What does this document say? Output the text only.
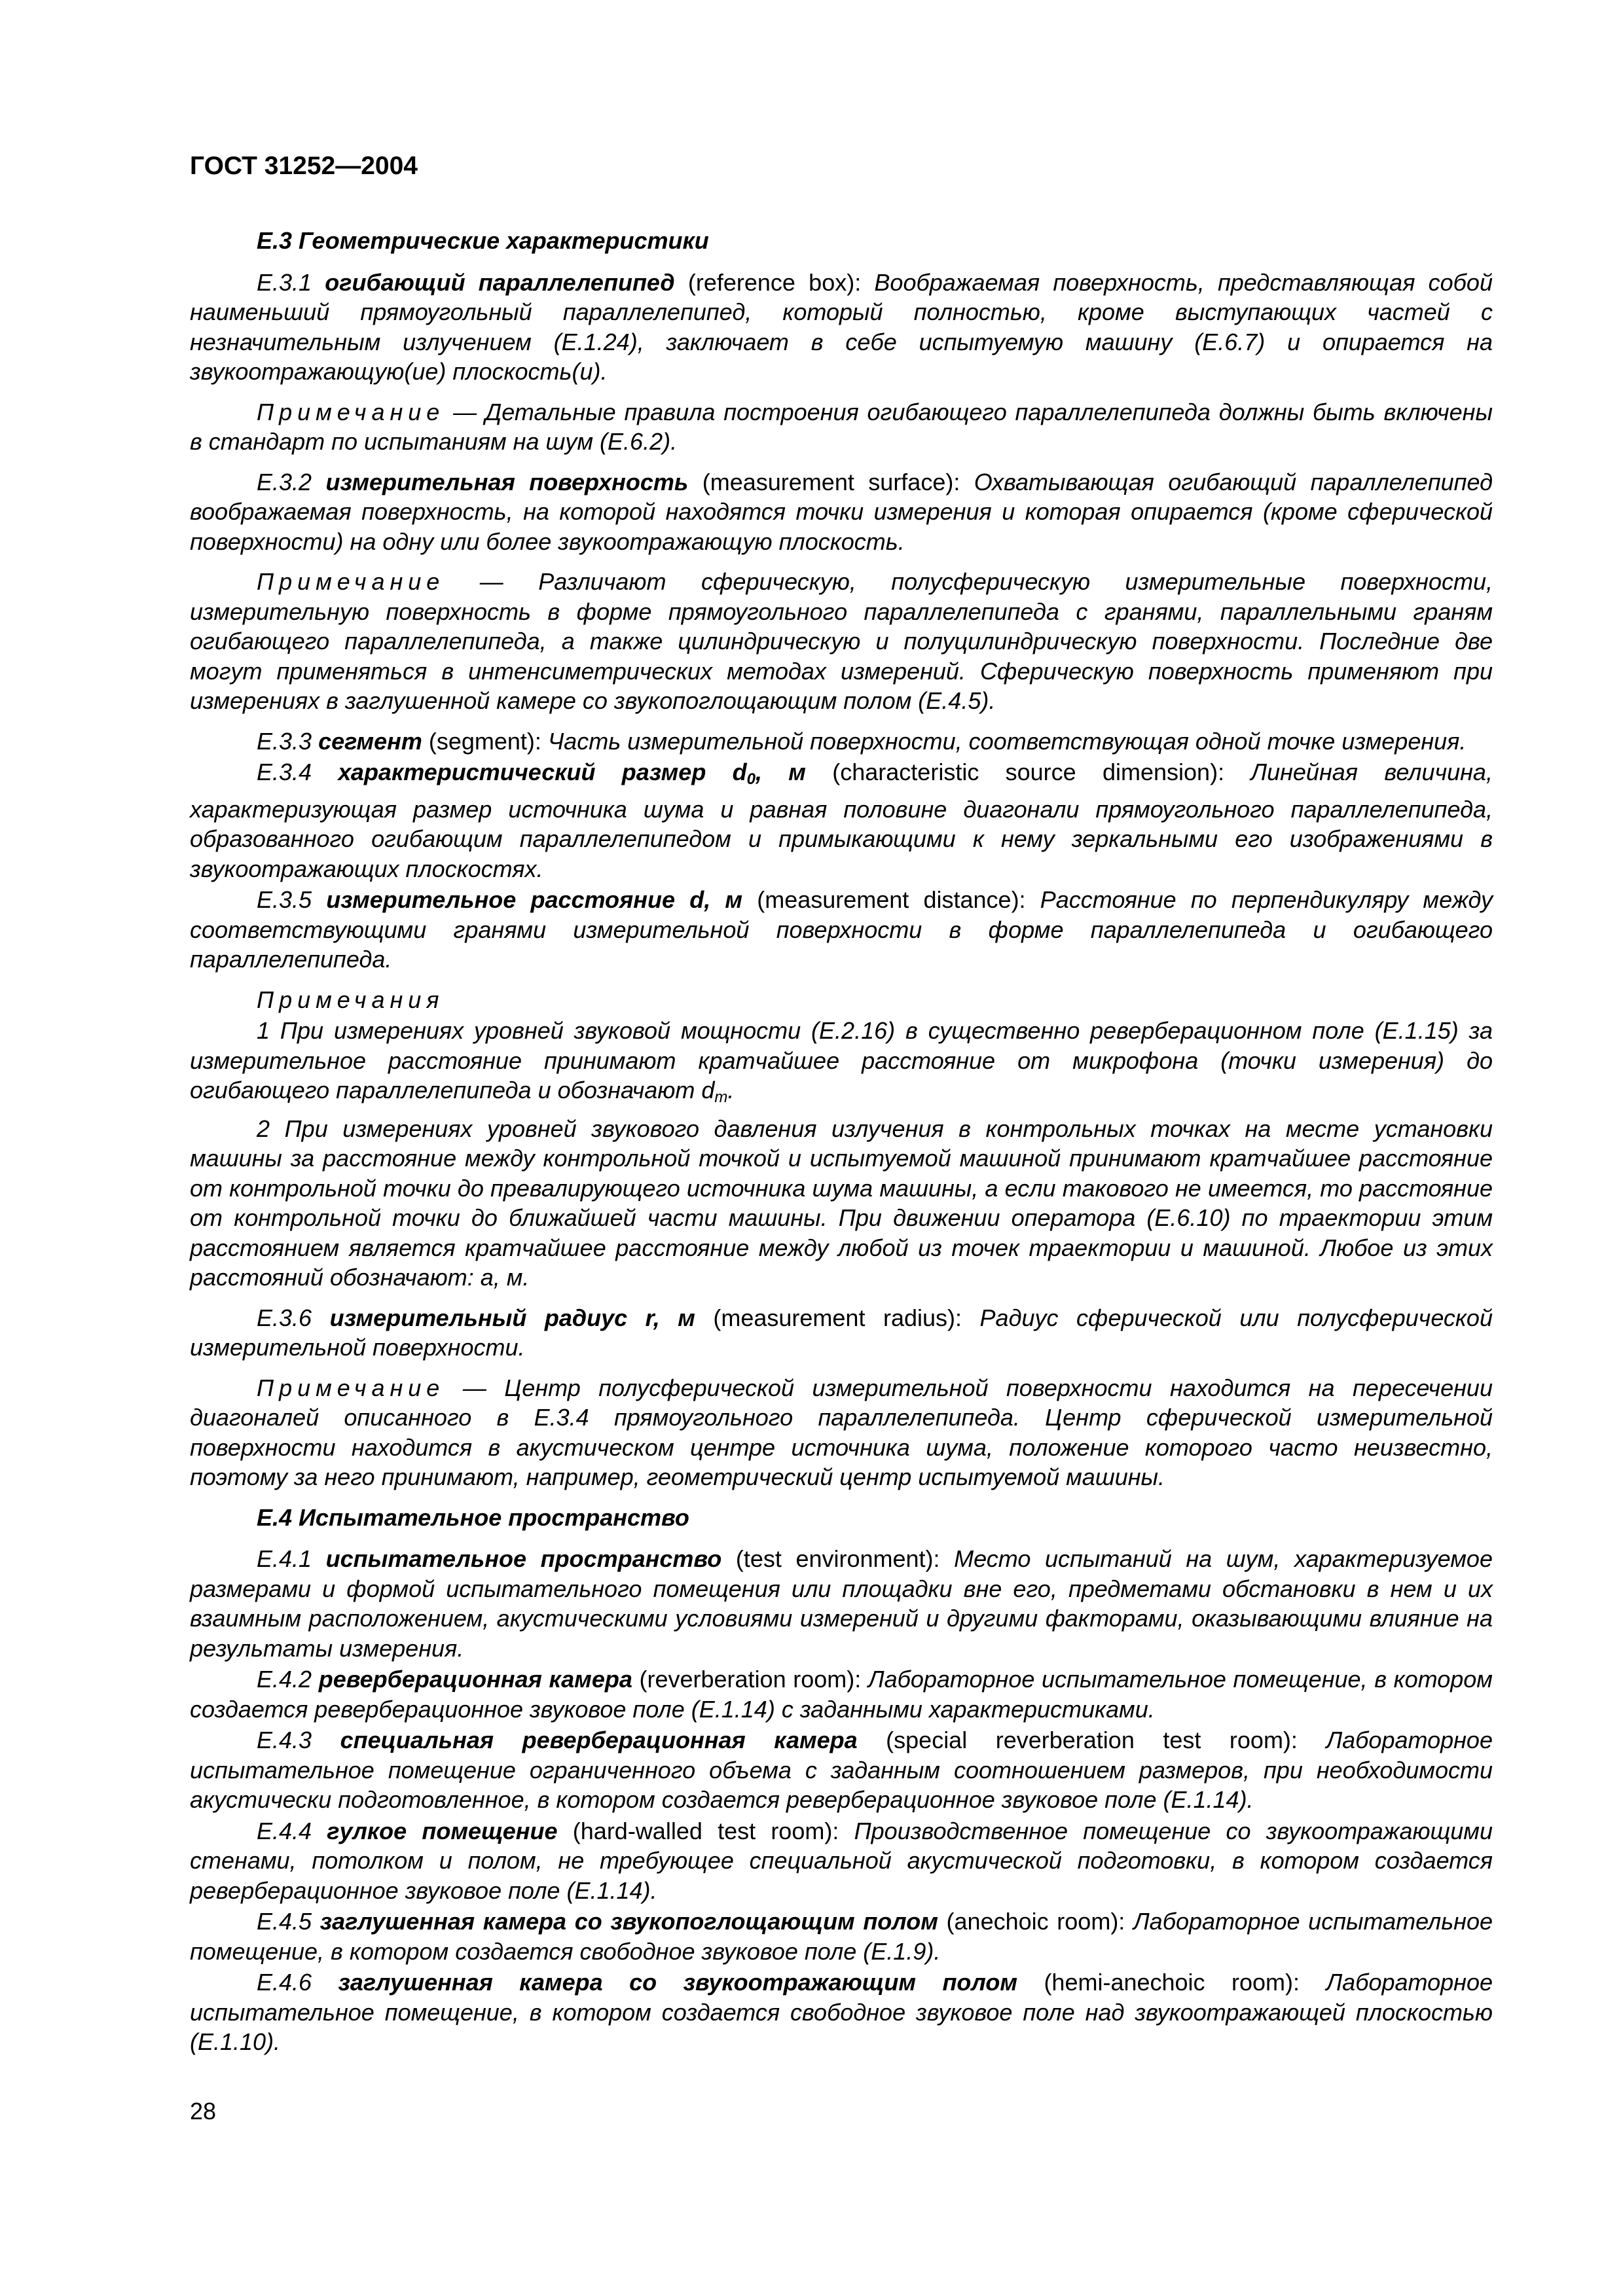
ГОСТ 31252—2004
Е.3 Геометрические характеристики

Е.3.1 огибающий параллелепипед (reference box): Воображаемая поверхность, представляющая собой наименьший прямоугольный параллелепипед, который полностью, кроме выступающих частей с незначительным излучением (Е.1.24), заключает в себе испытуемую машину (Е.6.7) и опирается на звукоотражающую(ие) плоскость(и).

Примечание — Детальные правила построения огибающего параллелепипеда должны быть включены в стандарт по испытаниям на шум (Е.6.2).

Е.3.2 измерительная поверхность (measurement surface): Охватывающая огибающий параллелепипед воображаемая поверхность, на которой находятся точки измерения и которая опирается (кроме сферической поверхности) на одну или более звукоотражающую плоскость.

Примечание — Различают сферическую, полусферическую измерительные поверхности, измерительную поверхность в форме прямоугольного параллелепипеда с гранями, параллельными граням огибающего параллелепипеда, а также цилиндрическую и полуцилиндрическую поверхности. Последние две могут применяться в интенсиметрических методах измерений. Сферическую поверхность применяют при измерениях в заглушенной камере со звукопоглощающим полом (Е.4.5).

Е.3.3 сегмент (segment): Часть измерительной поверхности, соответствующая одной точке измерения.

Е.3.4 характеристический размер $d_0$, м (characteristic source dimension): Линейная величина, характеризующая размер источника шума и равная половине диагонали прямоугольного параллелепипеда, образованного огибающим параллелепипедом и примыкающими к нему зеркальными его изображениями в звукоотражающих плоскостях.

Е.3.5 измерительное расстояние d, м (measurement distance): Расстояние по перпендикуляру между соответствующими гранями измерительной поверхности в форме параллелепипеда и огибающего параллелепипеда.

Примечания

1 При измерениях уровней звуковой мощности (Е.2.16) в существенно реверберационном поле (Е.1.15) за измерительное расстояние принимают кратчайшее расстояние от микрофона (точки измерения) до огибающего параллелепипеда и обозначают $d_m$.

2 При измерениях уровней звукового давления излучения в контрольных точках на месте установки машины за расстояние между контрольной точкой и испытуемой машиной принимают кратчайшее расстояние от контрольной точки до превалирующего источника шума машины, а если такового не имеется, то расстояние от контрольной точки до ближайшей части машины. При движении оператора (Е.6.10) по траектории этим расстоянием является кратчайшее расстояние между любой из точек траектории и машиной. Любое из этих расстояний обозначают: а, м.

Е.3.6 измерительный радиус r, м (measurement radius): Радиус сферической или полусферической измерительной поверхности.

Примечание — Центр полусферической измерительной поверхности находится на пересечении диагоналей описанного в Е.3.4 прямоугольного параллелепипеда. Центр сферической измерительной поверхности находится в акустическом центре источника шума, положение которого часто неизвестно, поэтому за него принимают, например, геометрический центр испытуемой машины.

Е.4 Испытательное пространство

Е.4.1 испытательное пространство (test environment): Место испытаний на шум, характеризуемое размерами и формой испытательного помещения или площадки вне его, предметами обстановки в нем и их взаимным расположением, акустическими условиями измерений и другими факторами, оказывающими влияние на результаты измерения.

Е.4.2 реверберационная камера (reverberation room): Лабораторное испытательное помещение, в котором создается реверберационное звуковое поле (Е.1.14) с заданными характеристиками.

Е.4.3 специальная реверберационная камера (special reverberation test room): Лабораторное испытательное помещение ограниченного объема с заданным соотношением размеров, при необходимости акустически подготовленное, в котором создается реверберационное звуковое поле (Е.1.14).

Е.4.4 гулкое помещение (hard-walled test room): Производственное помещение со звукоотражающими стенами, потолком и полом, не требующее специальной акустической подготовки, в котором создается реверберационное звуковое поле (Е.1.14).

Е.4.5 заглушенная камера со звукопоглощающим полом (anechoic room): Лабораторное испытательное помещение, в котором создается свободное звуковое поле (Е.1.9).

Е.4.6 заглушенная камера со звукоотражающим полом (hemi-anechoic room): Лабораторное испытательное помещение, в котором создается свободное звуковое поле над звукоотражающей плоскостью (Е.1.10).

28
